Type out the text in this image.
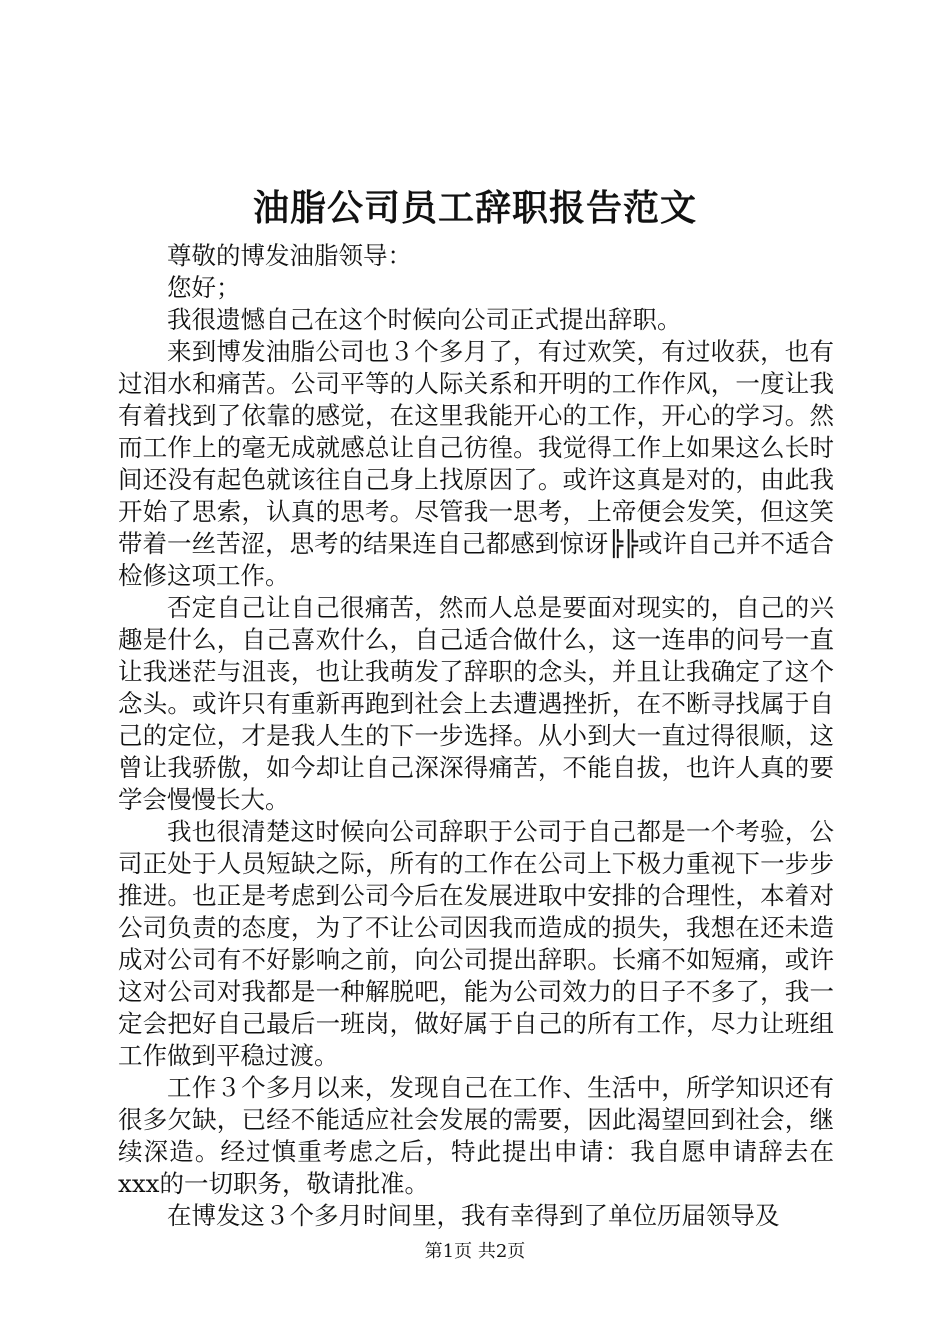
油脂公司员工辞职报告范文

尊敬的博发油脂领导：

您好；

我很遗憾自己在这个时候向公司正式提出辞职。

来到博发油脂公司也３个多月了，有过欢笑，有过收获，也有过泪水和痛苦。公司平等的人际关系和开明的工作作风，一度让我有着找到了依靠的感觉，在这里我能开心的工作，开心的学习。然而工作上的毫无成就感总让自己彷徨。我觉得工作上如果这么长时间还没有起色就该往自己身上找原因了。或许这真是对的，由此我开始了思索，认真的思考。尽管我一思考，上帝便会发笑，但这笑带着一丝苦涩，思考的结果连自己都感到惊讶╠╠或许自己并不适合检修这项工作。

否定自己让自己很痛苦，然而人总是要面对现实的，自己的兴趣是什么，自己喜欢什么，自己适合做什么，这一连串的问号一直让我迷茫与沮丧，也让我萌发了辞职的念头，并且让我确定了这个念头。或许只有重新再跑到社会上去遭遇挫折，在不断寻找属于自己的定位，才是我人生的下一步选择。从小到大一直过得很顺，这曾让我骄傲，如今却让自己深深得痛苦，不能自拔，也许人真的要学会慢慢长大。

我也很清楚这时候向公司辞职于公司于自己都是一个考验，公司正处于人员短缺之际，所有的工作在公司上下极力重视下一步步推进。也正是考虑到公司今后在发展进取中安排的合理性，本着对公司负责的态度，为了不让公司因我而造成的损失，我想在还未造成对公司有不好影响之前，向公司提出辞职。长痛不如短痛，或许这对公司对我都是一种解脱吧，能为公司效力的日子不多了，我一定会把好自己最后一班岗，做好属于自己的所有工作，尽力让班组工作做到平稳过渡。

工作３个多月以来，发现自己在工作、生活中，所学知识还有很多欠缺，已经不能适应社会发展的需要，因此渴望回到社会，继续深造。经过慎重考虑之后，特此提出申请：我自愿申请辞去在xxx的一切职务，敬请批准。

在博发这３个多月时间里，我有幸得到了单位历届领导及

第1页 共2页
